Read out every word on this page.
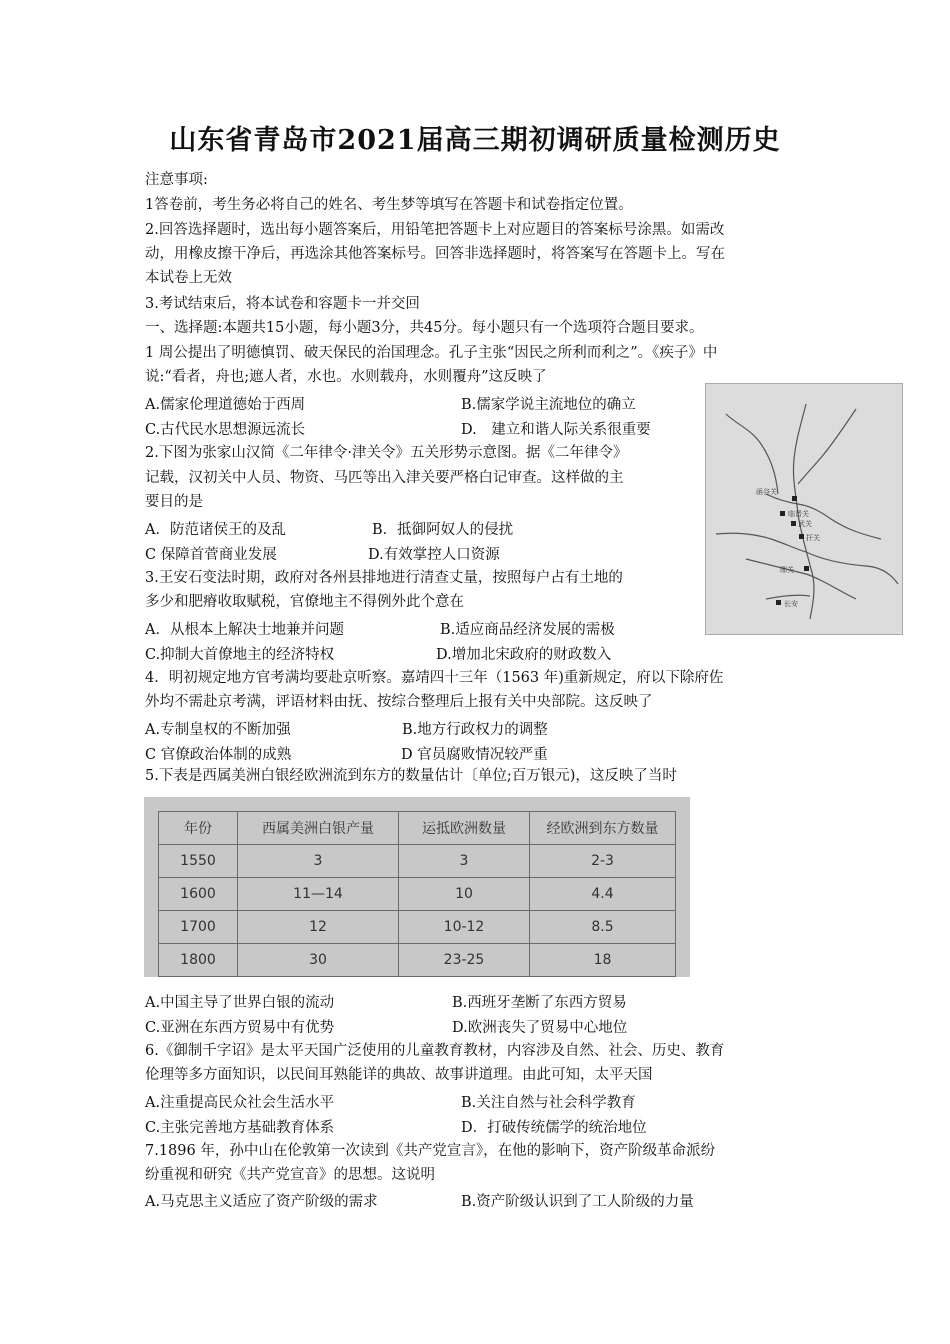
山东省青岛市2021届高三期初调研质量检测历史
注意事项:
1答卷前，考生务必将自己的姓名、考生梦等填写在答题卡和试卷指定位置。
2.回答选择题时，选出每小题答案后，用铅笔把答题卡上对应题目的答案标号涂黑。如需改
动，用橡皮擦干净后，再选涂其他答案标号。回答非选择题时，将答案写在答题卡上。写在
本试卷上无效
3.考试结束后，将本试卷和容题卡一并交回
一、选择题:本题共15小题，每小题3分，共45分。每小题只有一个选项符合题目要求。
1 周公提出了明德慎罚、破天保民的治国理念。孔子主张“因民之所利而利之”。《疾子》中
说:“看者，舟也;遮人者，水也。水则载舟，水则覆舟”这反映了
A.儒家伦理道德始于西周	B.儒家学说主流地位的确立
C.古代民水思想源远流长	D.　建立和谐人际关系很重要
2.下图为张家山汉简《二年律令·津关令》五关形势示意图。据《二年律令》
记载，汉初关中人员、物资、马匹等出入津关要严格白记审查。这样做的主
要目的是
A．防范诸侯王的及乱	B．抵御阿奴人的侵扰
C 保障首菅商业发展	D.有效掌控人口资源
函谷关
临晋关
武关
扞关
郧关
长安
3.王安石变法时期，政府对各州县排地进行清查丈量，按照每户占有土地的
多少和肥瘠收取赋税，官僚地主不得例外此个意在
A．从根本上解决士地兼并问题	B.适应商品经济发展的需极
C.抑制大首僚地主的经济特权	D.增加北宋政府的财政数入
4．明初规定地方官考满均要赴京听察。嘉靖四十三年（1563 年)重新规定，府以下除府佐
外均不需赴京考满，评语材料由抚、按综合整理后上报有关中央部院。这反映了
A.专制皇权的不断加强	B.地方行政权力的调整
C 官僚政治体制的成熟	D 官员腐败情况较严重
5.下表是西属美洲白银经欧洲流到东方的数量估计〔单位;百万银元)，这反映了当时
年份	西属美洲白银产量	运抵欧洲数量	经欧洲到东方数量
1550	3	3	2-3
1600	11—14	10	4.4
1700	12	10-12	8.5
1800	30	23-25	18
A.中国主导了世界白银的流动	B.西班牙垄断了东西方贸易
C.亚洲在东西方贸易中有优势	D.欧洲丧失了贸易中心地位
6.《御制千字诏》是太平天国广泛使用的儿童教育教材，内容涉及自然、社会、历史、教育
伦理等多方面知识，以民间耳熟能详的典故、故事讲道理。由此可知，太平天国
A.注重提高民众社会生活水平	B.关注自然与社会科学教育
C.主张完善地方基础教育体系	D．打破传统儒学的统治地位
7.1896 年，孙中山在伦敦第一次读到《共产党宣言》，在他的影响下，资产阶级革命派纷
纷重视和研究《共产党宣音》的思想。这说明
A.马克思主义适应了资产阶级的需求	B.资产阶级认识到了工人阶级的力量
